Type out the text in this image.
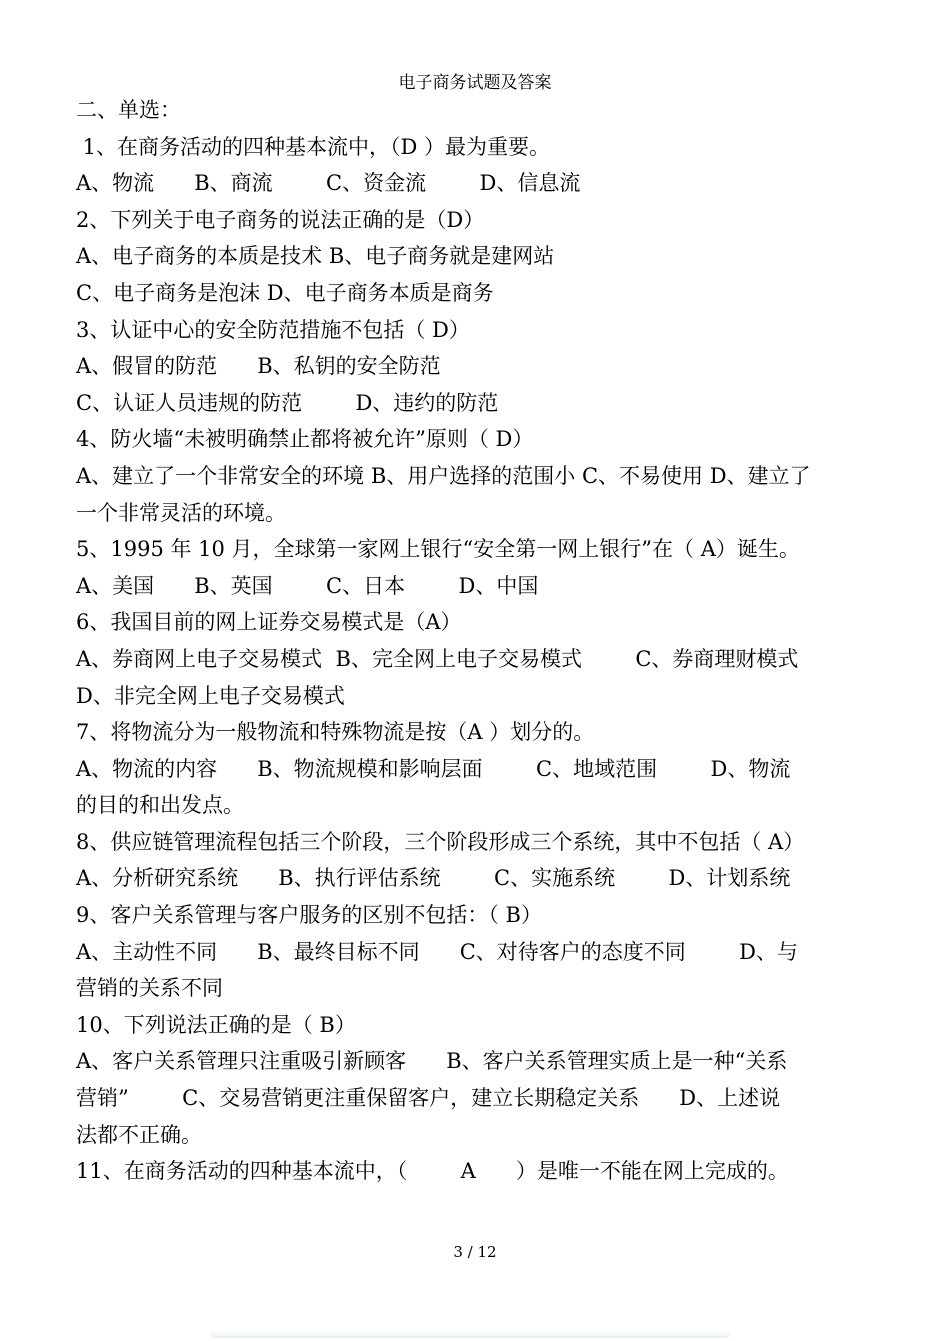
电子商务试题及答案
二、单选：
1、在商务活动的四种基本流中，（D ）最为重要。
A、物流      B、商流        C、资金流        D、信息流
2、下列关于电子商务的说法正确的是（D）
A、电子商务的本质是技术 B、电子商务就是建网站
C、电子商务是泡沫 D、电子商务本质是商务
3、认证中心的安全防范措施不包括（ D）
A、假冒的防范      B、私钥的安全防范
C、认证人员违规的防范        D、违约的防范
4、防火墙“未被明确禁止都将被允许”原则（ D）
A、建立了一个非常安全的环境 B、用户选择的范围小 C、不易使用 D、建立了
一个非常灵活的环境。
5、1995 年 10 月，全球第一家网上银行“安全第一网上银行”在（ A）诞生。
A、美国      B、英国        C、日本        D、中国
6、我国目前的网上证券交易模式是（A）
A、券商网上电子交易模式  B、完全网上电子交易模式        C、券商理财模式
D、非完全网上电子交易模式
7、将物流分为一般物流和特殊物流是按（A ）划分的。
A、物流的内容      B、物流规模和影响层面        C、地域范围        D、物流
的目的和出发点。
8、供应链管理流程包括三个阶段，三个阶段形成三个系统，其中不包括（ A）
A、分析研究系统      B、执行评估系统        C、实施系统        D、计划系统
9、客户关系管理与客户服务的区别不包括：（ B）
A、主动性不同      B、最终目标不同      C、对待客户的态度不同        D、与
营销的关系不同
10、下列说法正确的是（ B）
A、客户关系管理只注重吸引新顾客      B、客户关系管理实质上是一种“关系
营销”        C、交易营销更注重保留客户，建立长期稳定关系      D、上述说
法都不正确。
11、在商务活动的四种基本流中，（        A      ）是唯一不能在网上完成的。
3 / 12
